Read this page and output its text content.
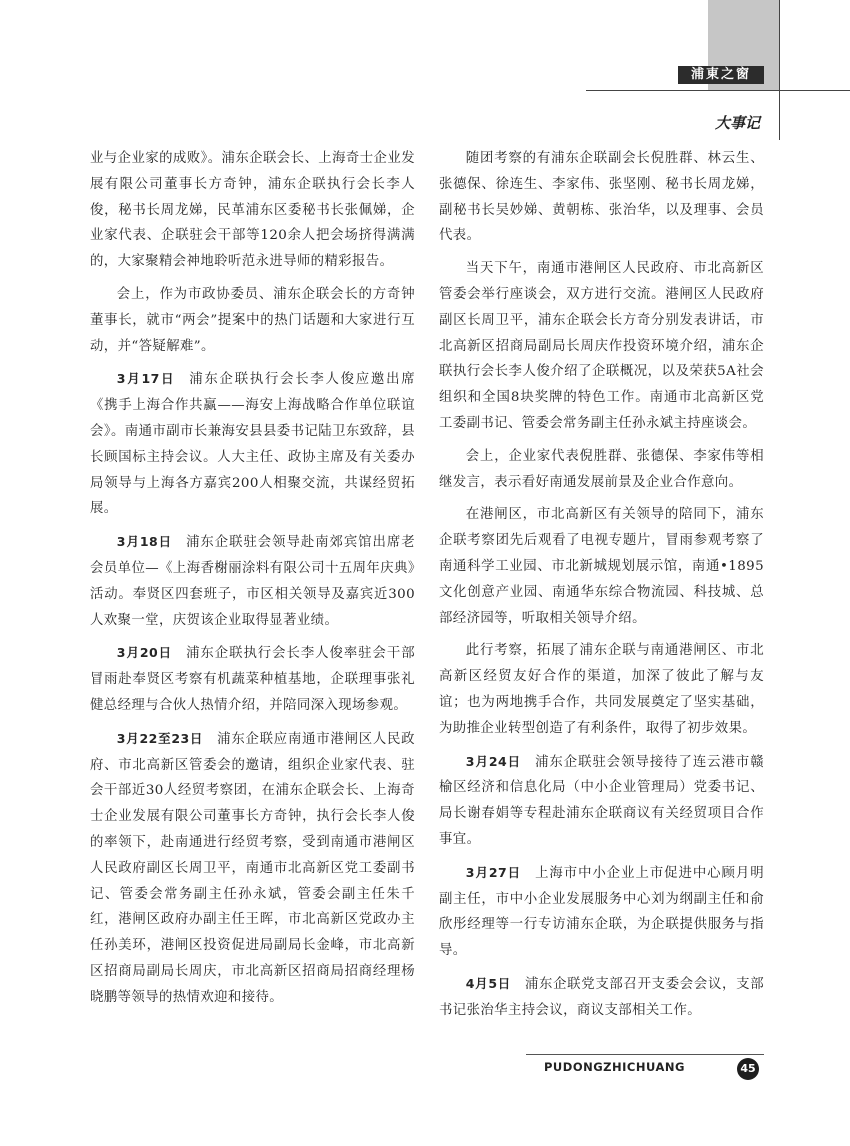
浦東之窗
大事记

业与企业家的成败》。浦东企联会长、上海奇士企业发展有限公司董事长方奇钟，浦东企联执行会长李人俊，秘书长周龙娣，民革浦东区委秘书长张佩娣，企业家代表、企联驻会干部等120余人把会场挤得满满的，大家聚精会神地聆听范永进导师的精彩报告。

会上，作为市政协委员、浦东企联会长的方奇钟董事长，就市“两会”提案中的热门话题和大家进行互动，并“答疑解难”。

3月17日 浦东企联执行会长李人俊应邀出席《携手上海合作共赢——海安上海战略合作单位联谊会》。南通市副市长兼海安县县委书记陆卫东致辞，县长顾国标主持会议。人大主任、政协主席及有关委办局领导与上海各方嘉宾200人相聚交流，共谋经贸拓展。

3月18日 浦东企联驻会领导赴南郊宾馆出席老会员单位—《上海香榭丽涂料有限公司十五周年庆典》活动。奉贤区四套班子，市区相关领导及嘉宾近300人欢聚一堂，庆贺该企业取得显著业绩。

3月20日 浦东企联执行会长李人俊率驻会干部冒雨赴奉贤区考察有机蔬菜种植基地，企联理事张礼健总经理与合伙人热情介绍，并陪同深入现场参观。

3月22至23日 浦东企联应南通市港闸区人民政府、市北高新区管委会的邀请，组织企业家代表、驻会干部近30人经贸考察团，在浦东企联会长、上海奇士企业发展有限公司董事长方奇钟，执行会长李人俊的率领下，赴南通进行经贸考察，受到南通市港闸区人民政府副区长周卫平，南通市北高新区党工委副书记、管委会常务副主任孙永斌，管委会副主任朱千红，港闸区政府办副主任王晖，市北高新区党政办主任孙美环，港闸区投资促进局副局长金峰，市北高新区招商局副局长周庆，市北高新区招商局招商经理杨晓鹏等领导的热情欢迎和接待。

随团考察的有浦东企联副会长倪胜群、林云生、张德保、徐连生、李家伟、张坚刚、秘书长周龙娣，副秘书长吴妙娣、黄朝栋、张治华，以及理事、会员代表。

当天下午，南通市港闸区人民政府、市北高新区管委会举行座谈会，双方进行交流。港闸区人民政府副区长周卫平，浦东企联会长方奇分别发表讲话，市北高新区招商局副局长周庆作投资环境介绍，浦东企联执行会长李人俊介绍了企联概况，以及荣获5A社会组织和全国8块奖牌的特色工作。南通市北高新区党工委副书记、管委会常务副主任孙永斌主持座谈会。

会上，企业家代表倪胜群、张德保、李家伟等相继发言，表示看好南通发展前景及企业合作意向。

在港闸区，市北高新区有关领导的陪同下，浦东企联考察团先后观看了电视专题片，冒雨参观考察了南通科学工业园、市北新城规划展示馆，南通•1895文化创意产业园、南通华东综合物流园、科技城、总部经济园等，听取相关领导介绍。

此行考察，拓展了浦东企联与南通港闸区、市北高新区经贸友好合作的渠道，加深了彼此了解与友谊；也为两地携手合作，共同发展奠定了坚实基础，为助推企业转型创造了有利条件，取得了初步效果。

3月24日 浦东企联驻会领导接待了连云港市赣榆区经济和信息化局（中小企业管理局）党委书记、局长谢春娟等专程赴浦东企联商议有关经贸项目合作事宜。

3月27日 上海市中小企业上市促进中心顾月明副主任，市中小企业发展服务中心刘为纲副主任和俞欣彤经理等一行专访浦东企联，为企联提供服务与指导。

4月5日 浦东企联党支部召开支委会会议，支部书记张治华主持会议，商议支部相关工作。

PUDONGZHICHUANG	45
